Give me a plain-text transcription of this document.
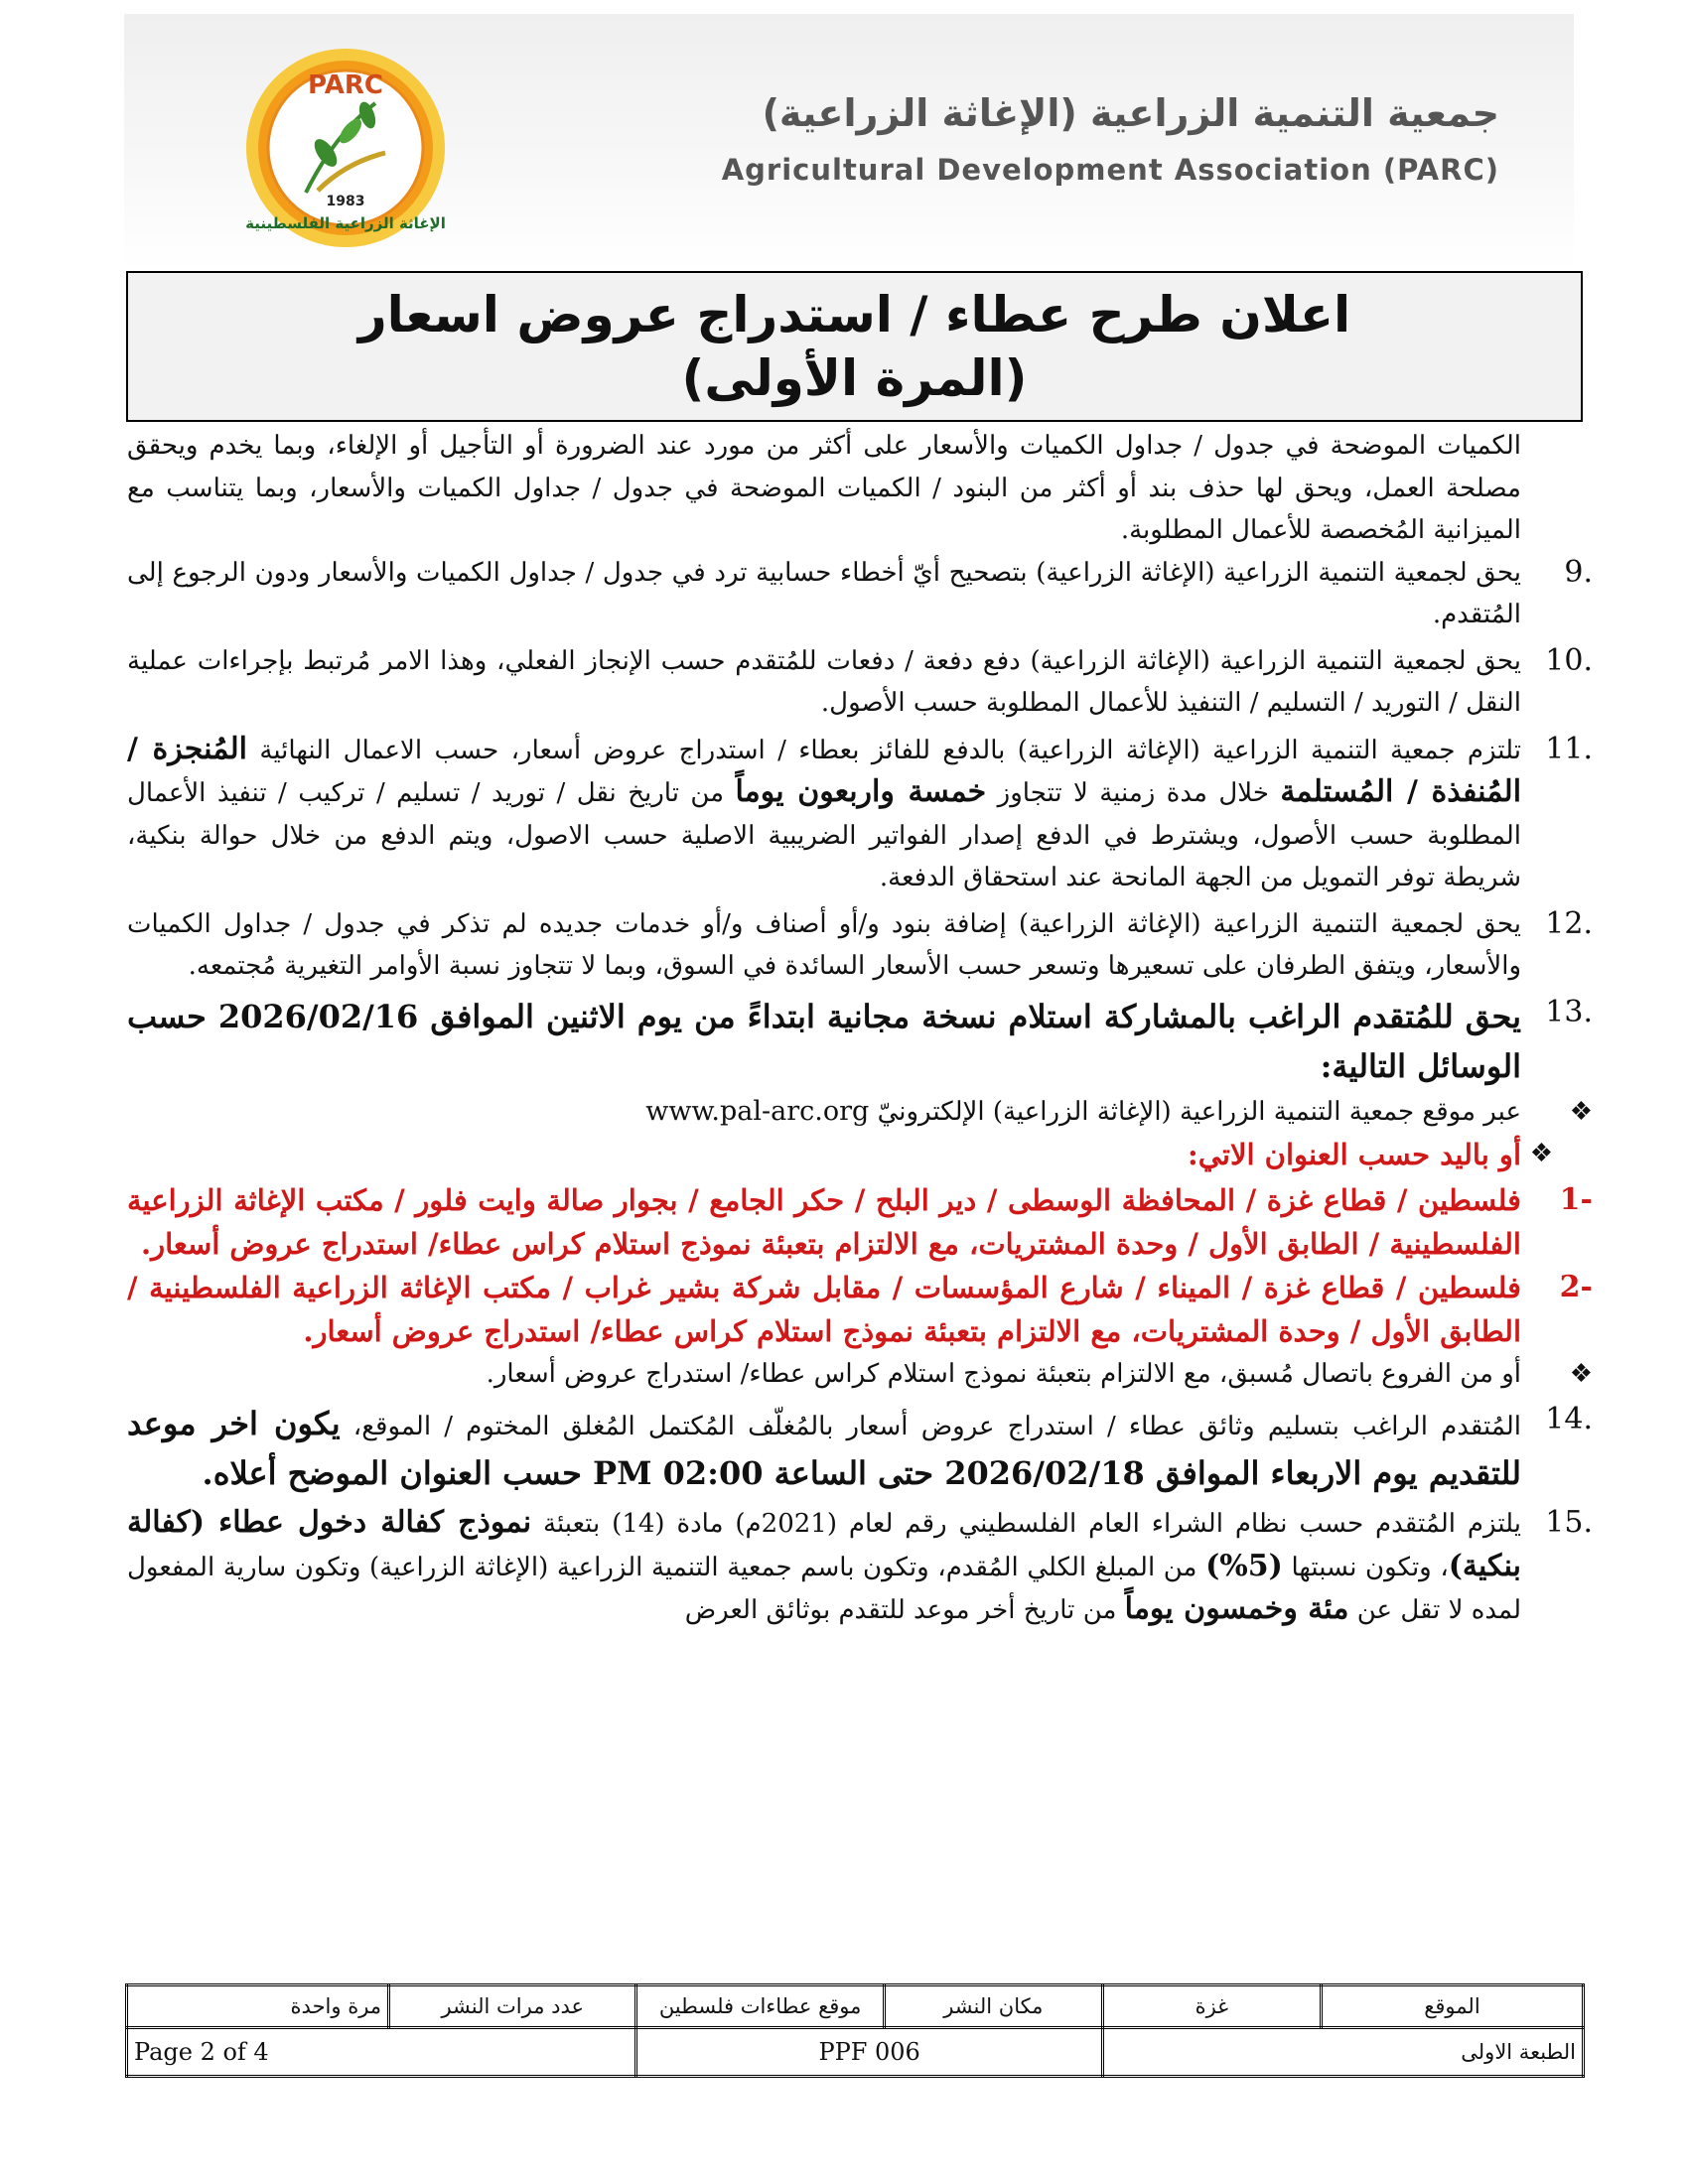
PARC
1983
الإغاثة الزراعية الفلسطينية
جمعية التنمية الزراعية (الإغاثة الزراعية)
Agricultural Development Association (PARC)
اعلان طرح عطاء / استدراج عروض اسعار
(المرة الأولى)
الكميات الموضحة في جدول / جداول الكميات والأسعار على أكثر من مورد عند الضرورة أو التأجيل أو الإلغاء، وبما يخدم ويحقق مصلحة العمل، ويحق لها حذف بند أو أكثر من البنود / الكميات الموضحة في جدول / جداول الكميات والأسعار، وبما يتناسب مع الميزانية المُخصصة للأعمال المطلوبة.
9.
يحق لجمعية التنمية الزراعية (الإغاثة الزراعية) بتصحيح أيّ أخطاء حسابية ترد في جدول / جداول الكميات والأسعار ودون الرجوع إلى المُتقدم.
10.
يحق لجمعية التنمية الزراعية (الإغاثة الزراعية) دفع دفعة / دفعات للمُتقدم حسب الإنجاز الفعلي، وهذا الامر مُرتبط بإجراءات عملية النقل / التوريد / التسليم / التنفيذ للأعمال المطلوبة حسب الأصول.
11.
تلتزم جمعية التنمية الزراعية (الإغاثة الزراعية) بالدفع للفائز بعطاء / استدراج عروض أسعار، حسب الاعمال النهائية المُنجزة / المُنفذة / المُستلمة خلال مدة زمنية لا تتجاوز خمسة واربعون يوماً من تاريخ نقل / توريد / تسليم / تركيب / تنفيذ الأعمال المطلوبة حسب الأصول، ويشترط في الدفع إصدار الفواتير الضريبية الاصلية حسب الاصول، ويتم الدفع من خلال حوالة بنكية، شريطة توفر التمويل من الجهة المانحة عند استحقاق الدفعة.
12.
يحق لجمعية التنمية الزراعية (الإغاثة الزراعية) إضافة بنود و/أو أصناف و/أو خدمات جديده لم تذكر في جدول / جداول الكميات والأسعار، ويتفق الطرفان على تسعيرها وتسعر حسب الأسعار السائدة في السوق، وبما لا تتجاوز نسبة الأوامر التغيرية مُجتمعه.
13.
يحق للمُتقدم الراغب بالمشاركة استلام نسخة مجانية ابتداءً من يوم الاثنين الموافق 2026/02/16 حسب الوسائل التالية:
❖
عبر موقع جمعية التنمية الزراعية (الإغاثة الزراعية) الإلكترونيّ www.pal-arc.org
❖
أو باليد حسب العنوان الاتي:
1-
فلسطين / قطاع غزة / المحافظة الوسطى / دير البلح / حكر الجامع / بجوار صالة وايت فلور / مكتب الإغاثة الزراعية الفلسطينية / الطابق الأول / وحدة المشتريات، مع الالتزام بتعبئة نموذج استلام كراس عطاء/ استدراج عروض أسعار.
2-
فلسطين / قطاع غزة / الميناء / شارع المؤسسات / مقابل شركة بشير غراب / مكتب الإغاثة الزراعية الفلسطينية / الطابق الأول / وحدة المشتريات، مع الالتزام بتعبئة نموذج استلام كراس عطاء/ استدراج عروض أسعار.
❖
أو من الفروع باتصال مُسبق، مع الالتزام بتعبئة نموذج استلام كراس عطاء/ استدراج عروض أسعار.
14.
المُتقدم الراغب بتسليم وثائق عطاء / استدراج عروض أسعار بالمُغلّف المُكتمل المُغلق المختوم / الموقع، يكون اخر موعد للتقديم يوم الاربعاء الموافق 2026/02/18 حتى الساعة 02:00 PM حسب العنوان الموضح أعلاه.
15.
يلتزم المُتقدم حسب نظام الشراء العام الفلسطيني رقم لعام (2021م) مادة (14) بتعبئة نموذج كفالة دخول عطاء (كفالة بنكية)، وتكون نسبتها (5%) من المبلغ الكلي المُقدم، وتكون باسم جمعية التنمية الزراعية (الإغاثة الزراعية) وتكون سارية المفعول لمده لا تقل عن مئة وخمسون يوماً من تاريخ أخر موعد للتقدم بوثائق العرض
مرة واحدة	عدد مرات النشر	موقع عطاءات فلسطين	مكان النشر	غزة	الموقع
Page 2 of 4		PPF 006		الطبعة الاولى	
